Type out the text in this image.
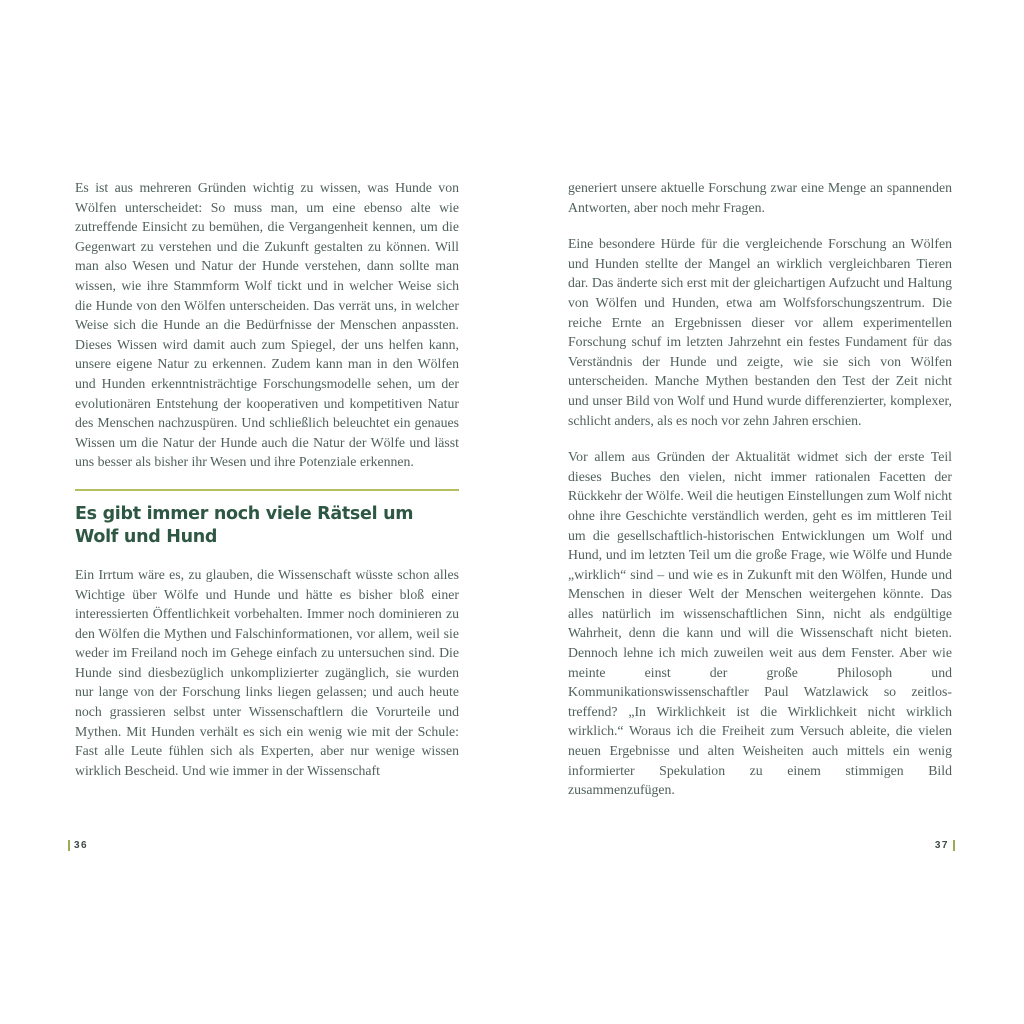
Es ist aus mehreren Gründen wichtig zu wissen, was Hunde von Wölfen unterscheidet: So muss man, um eine ebenso alte wie zutreffende Einsicht zu bemühen, die Vergangenheit kennen, um die Gegenwart zu verstehen und die Zukunft gestalten zu können. Will man also Wesen und Natur der Hunde verstehen, dann sollte man wissen, wie ihre Stammform Wolf tickt und in welcher Weise sich die Hunde von den Wölfen unterscheiden. Das verrät uns, in welcher Weise sich die Hunde an die Bedürfnisse der Menschen anpassten. Dieses Wissen wird damit auch zum Spiegel, der uns helfen kann, unsere eigene Natur zu erkennen. Zudem kann man in den Wölfen und Hunden erkenntnisträchtige Forschungsmodelle sehen, um der evolutionären Entstehung der kooperativen und kompetitiven Natur des Menschen nachzuspüren. Und schließlich beleuchtet ein genaues Wissen um die Natur der Hunde auch die Natur der Wölfe und lässt uns besser als bisher ihr Wesen und ihre Potenziale erkennen.

Es gibt immer noch viele Rätsel um Wolf und Hund

Ein Irrtum wäre es, zu glauben, die Wissenschaft wüsste schon alles Wichtige über Wölfe und Hunde und hätte es bisher bloß einer interessierten Öffentlichkeit vorbehalten. Immer noch dominieren zu den Wölfen die Mythen und Falschinformationen, vor allem, weil sie weder im Freiland noch im Gehege einfach zu untersuchen sind. Die Hunde sind diesbezüglich unkomplizierter zugänglich, sie wurden nur lange von der Forschung links liegen gelassen; und auch heute noch grassieren selbst unter Wissenschaftlern die Vorurteile und Mythen. Mit Hunden verhält es sich ein wenig wie mit der Schule: Fast alle Leute fühlen sich als Experten, aber nur wenige wissen wirklich Bescheid. Und wie immer in der Wissenschaft

36

generiert unsere aktuelle Forschung zwar eine Menge an spannenden Antworten, aber noch mehr Fragen.

Eine besondere Hürde für die vergleichende Forschung an Wölfen und Hunden stellte der Mangel an wirklich vergleichbaren Tieren dar. Das änderte sich erst mit der gleichartigen Aufzucht und Haltung von Wölfen und Hunden, etwa am Wolfsforschungszentrum. Die reiche Ernte an Ergebnissen dieser vor allem experimentellen Forschung schuf im letzten Jahrzehnt ein festes Fundament für das Verständnis der Hunde und zeigte, wie sie sich von Wölfen unterscheiden. Manche Mythen bestanden den Test der Zeit nicht und unser Bild von Wolf und Hund wurde differenzierter, komplexer, schlicht anders, als es noch vor zehn Jahren erschien.

Vor allem aus Gründen der Aktualität widmet sich der erste Teil dieses Buches den vielen, nicht immer rationalen Facetten der Rückkehr der Wölfe. Weil die heutigen Einstellungen zum Wolf nicht ohne ihre Geschichte verständlich werden, geht es im mittleren Teil um die gesellschaftlich-historischen Entwicklungen um Wolf und Hund, und im letzten Teil um die große Frage, wie Wölfe und Hunde „wirklich“ sind – und wie es in Zukunft mit den Wölfen, Hunde und Menschen in dieser Welt der Menschen weitergehen könnte. Das alles natürlich im wissenschaftlichen Sinn, nicht als endgültige Wahrheit, denn die kann und will die Wissenschaft nicht bieten. Dennoch lehne ich mich zuweilen weit aus dem Fenster. Aber wie meinte einst der große Philosoph und Kommunikationswissenschaftler Paul Watzlawick so zeitlos-treffend? „In Wirklichkeit ist die Wirklichkeit nicht wirklich wirklich.“ Woraus ich die Freiheit zum Versuch ableite, die vielen neuen Ergebnisse und alten Weisheiten auch mittels ein wenig informierter Spekulation zu einem stimmigen Bild zusammenzufügen.

37
